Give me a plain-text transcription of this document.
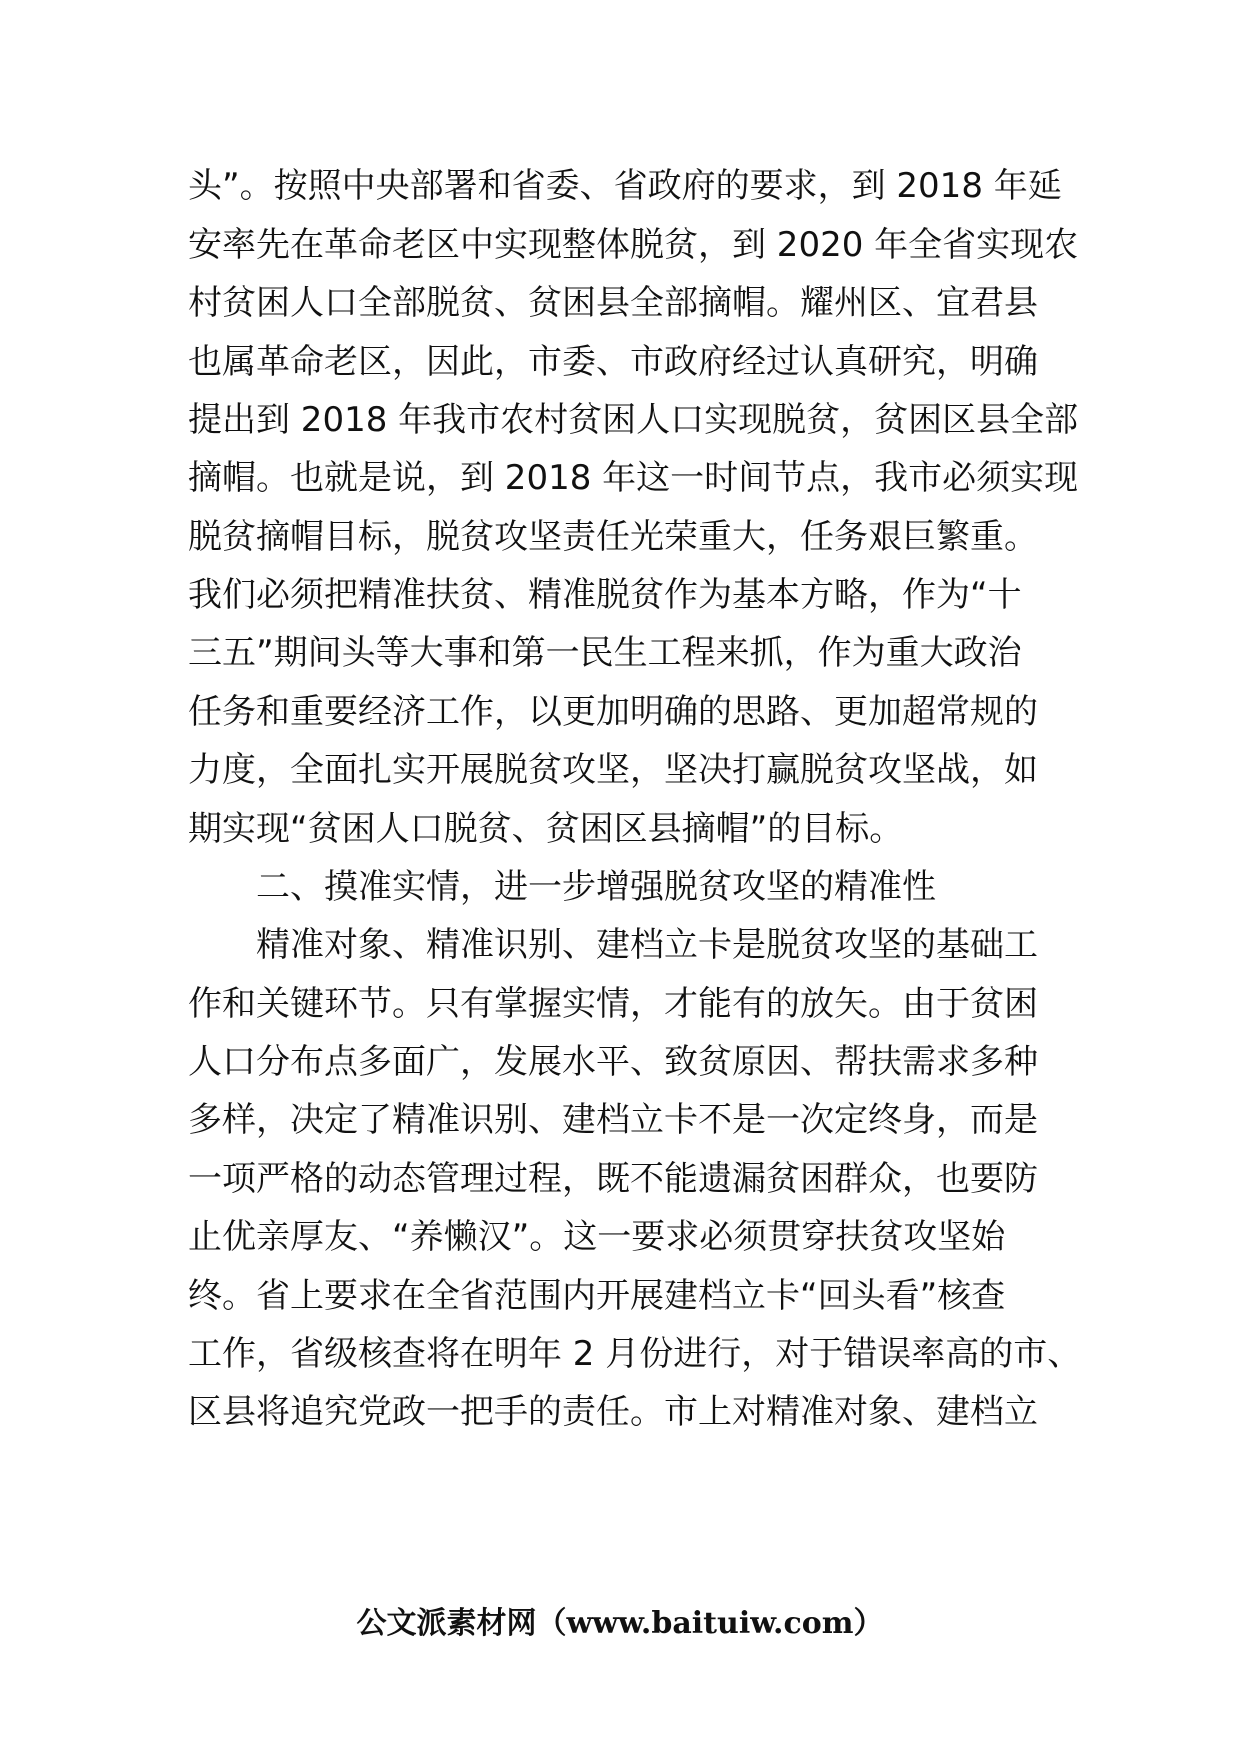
头”。按照中央部署和省委、省政府的要求，到 2018 年延
安率先在革命老区中实现整体脱贫，到 2020 年全省实现农
村贫困人口全部脱贫、贫困县全部摘帽。耀州区、宜君县
也属革命老区，因此，市委、市政府经过认真研究，明确
提出到 2018 年我市农村贫困人口实现脱贫，贫困区县全部
摘帽。也就是说，到 2018 年这一时间节点，我市必须实现
脱贫摘帽目标，脱贫攻坚责任光荣重大，任务艰巨繁重。
我们必须把精准扶贫、精准脱贫作为基本方略，作为“十
三五”期间头等大事和第一民生工程来抓，作为重大政治
任务和重要经济工作，以更加明确的思路、更加超常规的
力度，全面扎实开展脱贫攻坚，坚决打赢脱贫攻坚战，如
期实现“贫困人口脱贫、贫困区县摘帽”的目标。
　　二、摸准实情，进一步增强脱贫攻坚的精准性
　　精准对象、精准识别、建档立卡是脱贫攻坚的基础工
作和关键环节。只有掌握实情，才能有的放矢。由于贫困
人口分布点多面广，发展水平、致贫原因、帮扶需求多种
多样，决定了精准识别、建档立卡不是一次定终身，而是
一项严格的动态管理过程，既不能遗漏贫困群众，也要防
止优亲厚友、“养懒汉”。这一要求必须贯穿扶贫攻坚始
终。省上要求在全省范围内开展建档立卡“回头看”核查
工作，省级核查将在明年 2 月份进行，对于错误率高的市、
区县将追究党政一把手的责任。市上对精准对象、建档立
公文派素材网（www.baituiw.com）
